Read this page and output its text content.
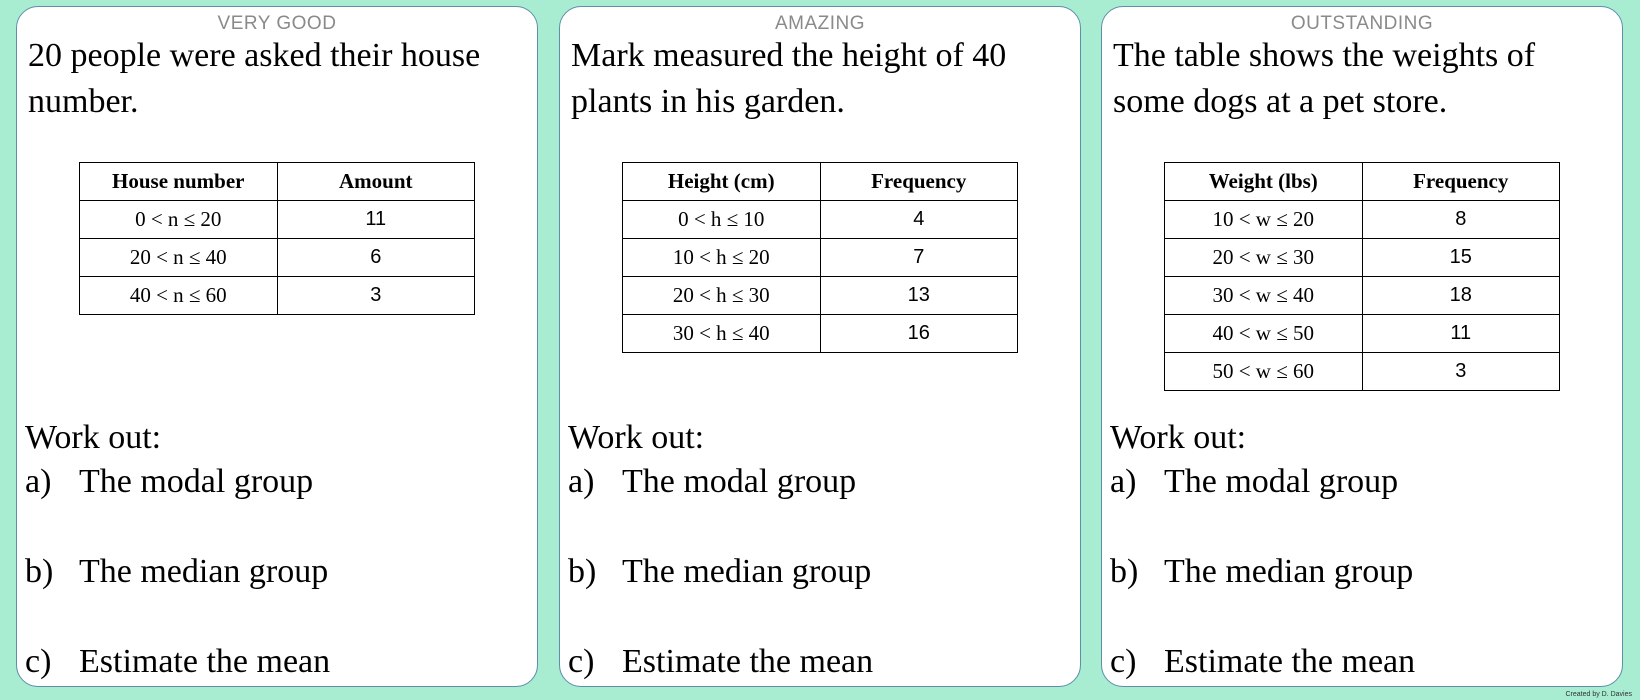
VERY GOOD

20 people were asked their house number.

House number	Amount
0 < n ≤ 20	11
20 < n ≤ 40	6
40 < n ≤ 60	3

Work out:

a) The modal group
b) The median group
c) Estimate the mean
AMAZING

Mark measured the height of 40 plants in his garden.

Height (cm)	Frequency
0 < h ≤ 10	4
10 < h ≤ 20	7
20 < h ≤ 30	13
30 < h ≤ 40	16

Work out:

a) The modal group
b) The median group
c) Estimate the mean
OUTSTANDING

The table shows the weights of some dogs at a pet store.

Weight (lbs)	Frequency
10 < w ≤ 20	8
20 < w ≤ 30	15
30 < w ≤ 40	18
40 < w ≤ 50	11
50 < w ≤ 60	3

Work out:

a) The modal group
b) The median group
c) Estimate the mean
Created by D. Davies
